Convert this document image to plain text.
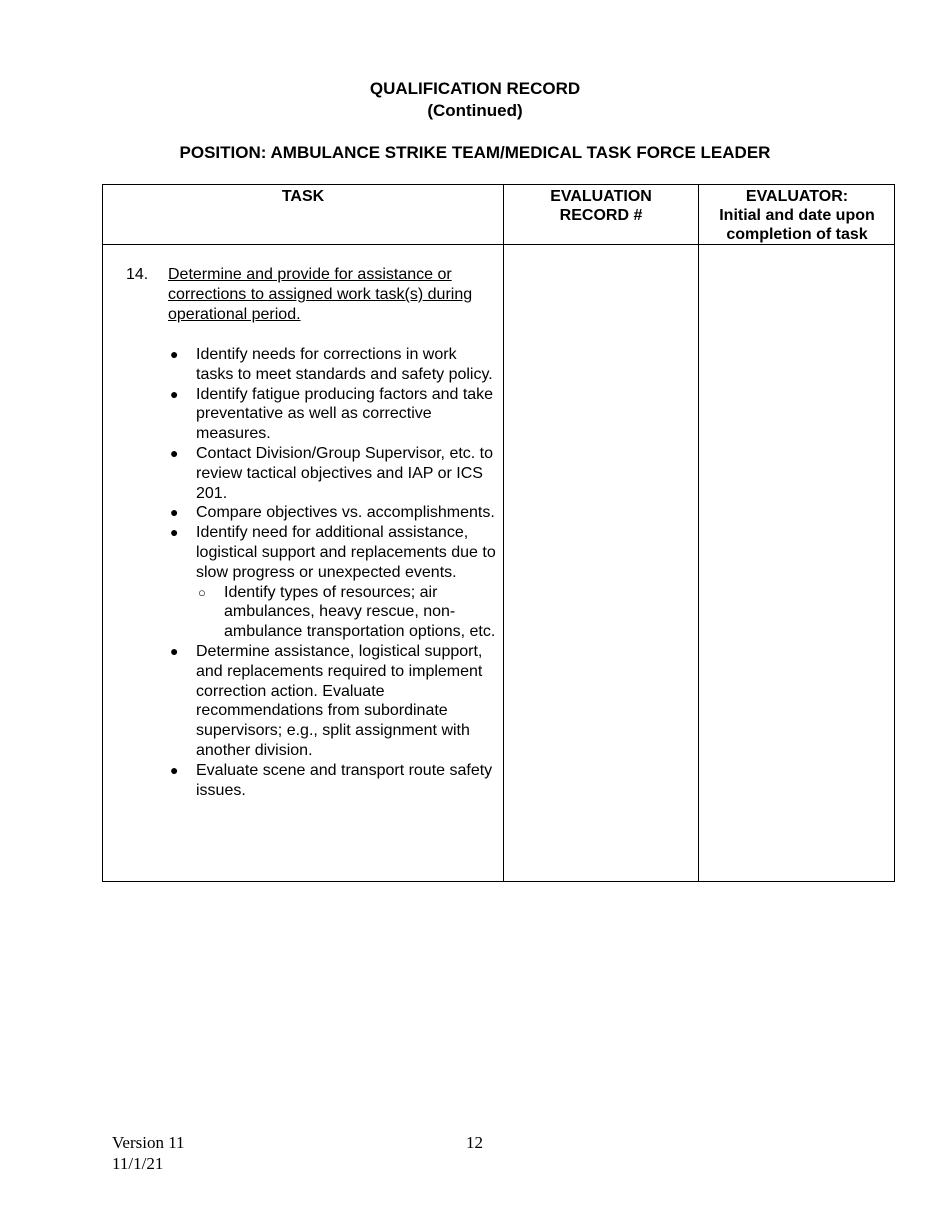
QUALIFICATION RECORD
(Continued)
POSITION: AMBULANCE STRIKE TEAM/MEDICAL TASK FORCE LEADER
TASK	EVALUATION
RECORD #
EVALUATOR:
Initial and date upon
completion of task
14. Determine and provide for assistance or corrections to assigned work task(s) during operational period.
● Identify needs for corrections in work tasks to meet standards and safety policy.
● Identify fatigue producing factors and take preventative as well as corrective measures.
● Contact Division/Group Supervisor, etc. to review tactical objectives and IAP or ICS 201.
● Compare objectives vs. accomplishments.
● Identify need for additional assistance, logistical support and replacements due to slow progress or unexpected events.
○ Identify types of resources; air ambulances, heavy rescue, non-ambulance transportation options, etc.
● Determine assistance, logistical support, and replacements required to implement correction action. Evaluate recommendations from subordinate supervisors; e.g., split assignment with another division.
● Evaluate scene and transport route safety issues.
Version 11
11/1/21
12
